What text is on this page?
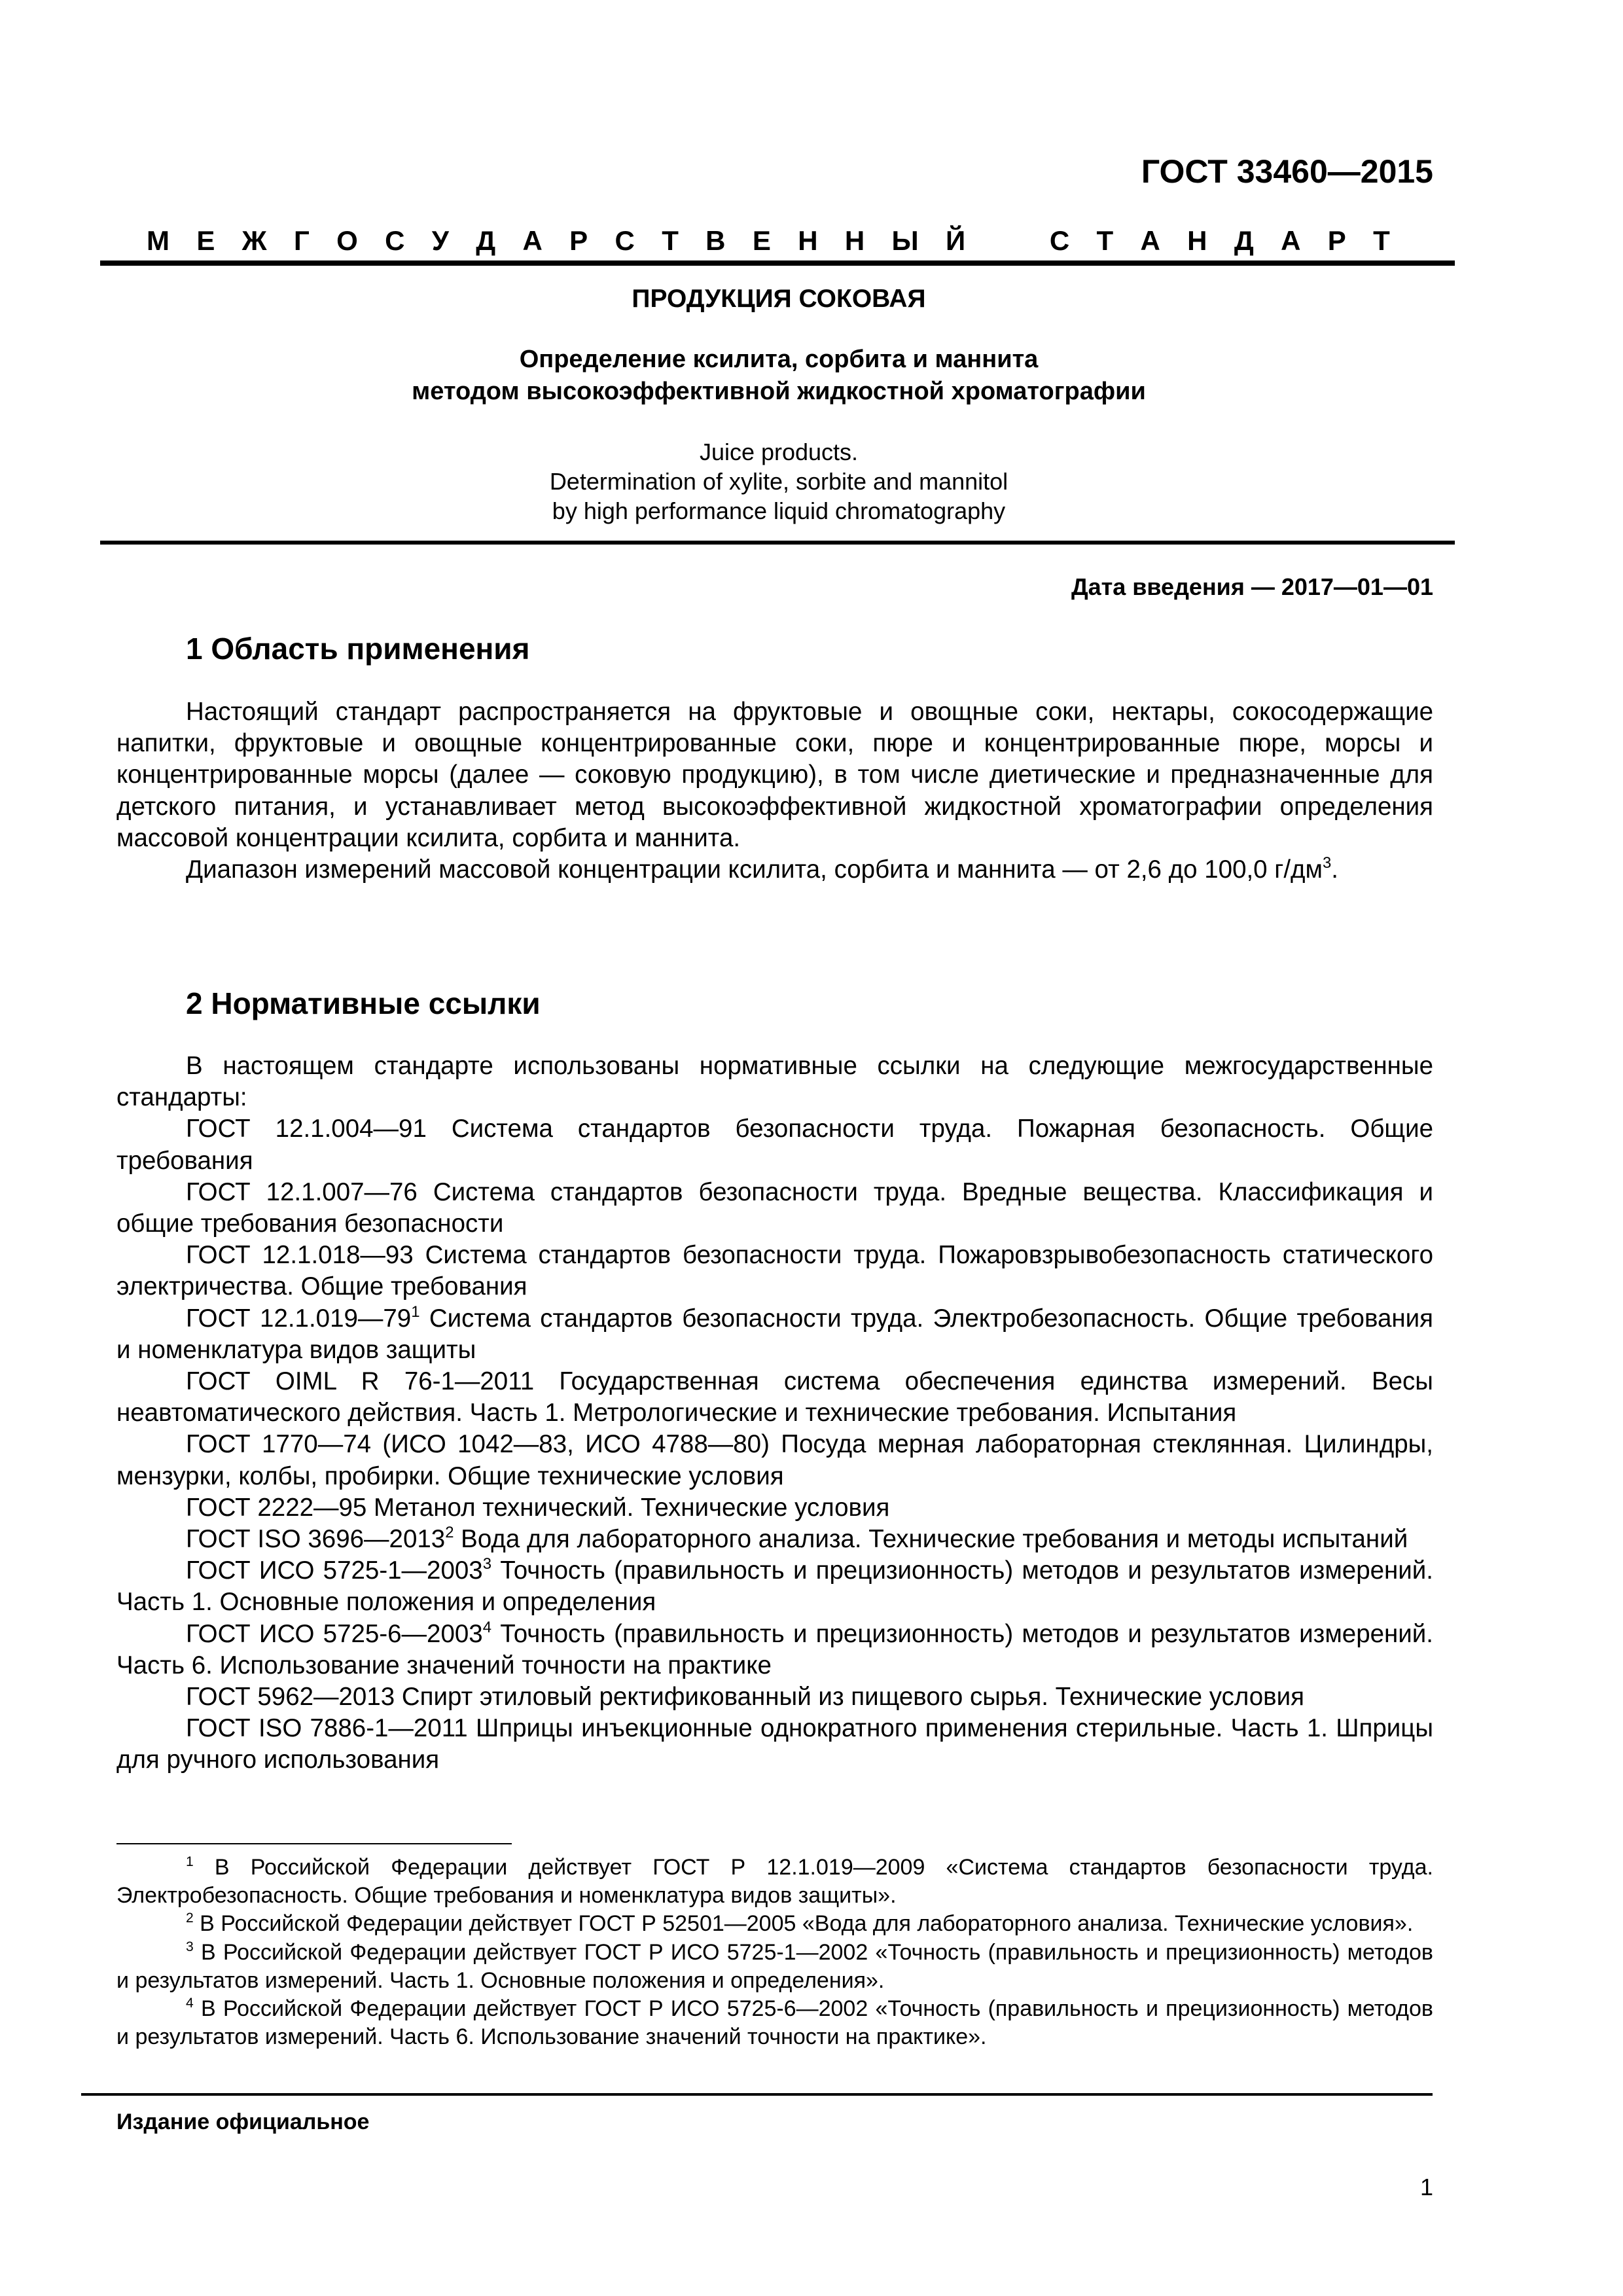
ГОСТ 33460—2015
М Е Ж Г О С У Д А Р С Т В Е Н Н Ы Й	С Т А Н Д А Р Т
ПРОДУКЦИЯ СОКОВАЯ
Определение ксилита, сорбита и маннита
методом высокоэффективной жидкостной хроматографии
Juice products.
Determination of xylite, sorbite and mannitol
by high performance liquid chromatography
Дата введения — 2017—01—01
1 Область применения

Настоящий стандарт распространяется на фруктовые и овощные соки, нектары, сокосодержащие напитки, фруктовые и овощные концентрированные соки, пюре и концентрированные пюре, морсы и концентрированные морсы (далее — соковую продукцию), в том числе диетические и предназначенные для детского питания, и устанавливает метод высокоэффективной жидкостной хроматографии определения массовой концентрации ксилита, сорбита и маннита.

Диапазон измерений массовой концентрации ксилита, сорбита и маннита — от 2,6 до 100,0 $г/дм^3$.

2 Нормативные ссылки

В настоящем стандарте использованы нормативные ссылки на следующие межгосударственные стандарты:

ГОСТ 12.1.004—91 Система стандартов безопасности труда. Пожарная безопасность. Общие требования

ГОСТ 12.1.007—76 Система стандартов безопасности труда. Вредные вещества. Классификация и общие требования безопасности

ГОСТ 12.1.018—93 Система стандартов безопасности труда. Пожаровзрывобезопасность статического электричества. Общие требования

ГОСТ $12.1.019—79^1$ Система стандартов безопасности труда. Электробезопасность. Общие требования и номенклатура видов защиты

ГОСТ OIML R 76-1—2011 Государственная система обеспечения единства измерений. Весы неавтоматического действия. Часть 1. Метрологические и технические требования. Испытания

ГОСТ 1770—74 (ИСО 1042—83, ИСО 4788—80) Посуда мерная лабораторная стеклянная. Цилиндры, мензурки, колбы, пробирки. Общие технические условия

ГОСТ 2222—95 Метанол технический. Технические условия

ГОСТ ISO 3696—2013$^2$ Вода для лабораторного анализа. Технические требования и методы испытаний

ГОСТ ИСО 5725-1—2003$^3$ Точность (правильность и прецизионность) методов и результатов измерений. Часть 1. Основные положения и определения

ГОСТ ИСО 5725-6—2003$^4$ Точность (правильность и прецизионность) методов и результатов измерений. Часть 6. Использование значений точности на практике

ГОСТ 5962—2013 Спирт этиловый ректификованный из пищевого сырья. Технические условия

ГОСТ ISO 7886-1—2011 Шприцы инъекционные однократного применения стерильные. Часть 1. Шприцы для ручного использования

$^1$ В Российской Федерации действует ГОСТ Р 12.1.019—2009 «Система стандартов безопасности труда. Электробезопасность. Общие требования и номенклатура видов защиты».

$^2$ В Российской Федерации действует ГОСТ Р 52501—2005 «Вода для лабораторного анализа. Технические условия».

$^3$ В Российской Федерации действует ГОСТ Р ИСО 5725-1—2002 «Точность (правильность и прецизионность) методов и результатов измерений. Часть 1. Основные положения и определения».

$^4$ В Российской Федерации действует ГОСТ Р ИСО 5725-6—2002 «Точность (правильность и прецизионность) методов и результатов измерений. Часть 6. Использование значений точности на практике».

Издание официальное
1
